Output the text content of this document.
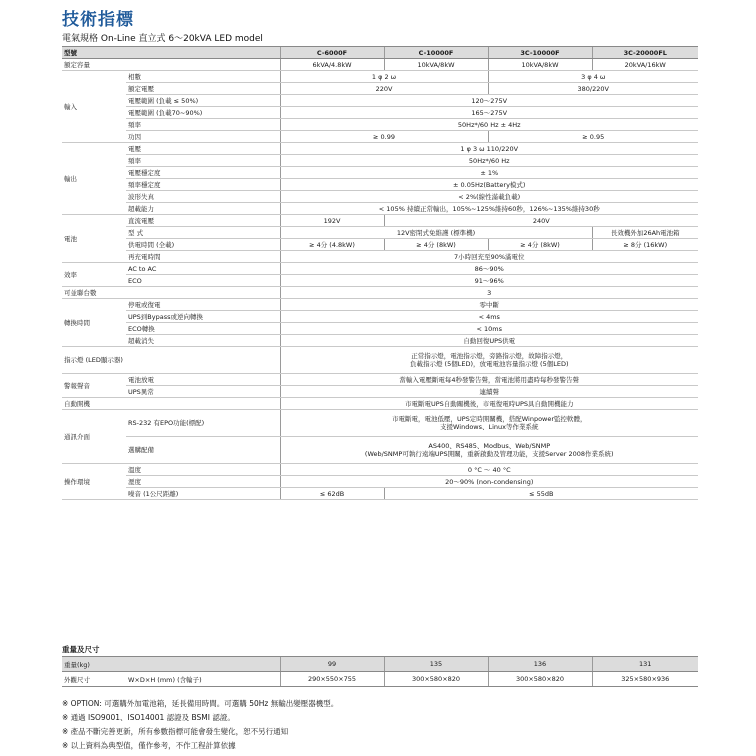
技術指標
電氣規格 On-Line 直立式 6～20kVA LED model
型號		C-6000F	C-10000F	3C-10000F	3C-20000FL
額定容量		6kVA/4.8kW	10kVA/8kW	10kVA/8kW	20kVA/16kW
輸入	相數	1 φ 2 ω		3 φ 4 ω	
	額定電壓	220V		380/220V	
	電壓範圍 (負載 ≤ 50%)	120～275V			
	電壓範圍 (負載70~90%)	165～275V			
	頻率	50Hz*/60 Hz ± 4Hz			
	功因	≥ 0.99		≥ 0.95	
輸出	電壓	1 φ 3 ω 110/220V			
	頻率	50Hz*/60 Hz			
	電壓穩定度	± 1%			
	頻率穩定度	± 0.05Hz(Battery模式)			
	波形失真	< 2%(線性滿載負載)			
	超載能力	< 105% 持續正常輸出，105%~125%維持60秒，126%~135%維持30秒			
電池	直流電壓	192V	240V		
	型 式	12V密閉式免維護 (標準機)			長效機外加26Ah電池箱
	供電時間 (全載)	≥ 4分 (4.8kW)	≥ 4分 (8kW)	≥ 4分 (8kW)	≥ 8分 (16kW)
	再充電時間	7小時回充至90%滿電位			
效率	AC to AC	86～90%			
	ECO	91～96%			
可並聯台數		3			
轉換時間	停電或復電	零中斷			
	UPS到Bypass或逆向轉換	< 4ms			
	ECO轉換	< 10ms			
	超載消失	自動回復UPS供電			
指示燈 (LED顯示器)		正常指示燈，電池指示燈，旁路指示燈，故障指示燈，
負載指示燈 (5個LED)，放電電池容量指示燈 (5個LED)			

警報聲音	電池放電	當輸入電壓斷電每4秒發警告聲，當電池將用盡時每秒發警告聲			
	UPS異常	連續聲			
自動開機		市電斷電UPS自動關機後，市電復電時UPS具自動開機能力			
通訊介面	RS-232 有EPO功能(標配)	市電斷電，電池低壓，UPS定時開關機，搭配Winpower監控軟體，
支援Windows、Linux等作業系統			

	選購配備	AS400、RS485、Modbus、Web/SNMP
(Web/SNMP可執行遠端UPS開關，重新啟動及管理功能，支援Server 2008作業系統)			

操作環境	溫度	0 °C ～ 40 °C			
	溼度	20～90% (non-condensing)			
	噪音 (1公尺距離)	≤ 62dB	≤ 55dB		
重量及尺寸
重量(kg)		99	135	136	131
外觀尺寸	W×D×H (mm) (含輪子)	290×550×755	300×580×820	300×580×820	325×580×936
※ OPTION: 可選購外加電池箱，延長備用時間。可選購 50Hz 無輸出變壓器機型。
※ 通過 ISO9001、ISO14001 認證及 BSMI 認證。
※ 產品不斷完善更新，所有參數指標可能會發生變化，恕不另行通知
※ 以上資料為典型值，僅作參考，不作工程計算依據
